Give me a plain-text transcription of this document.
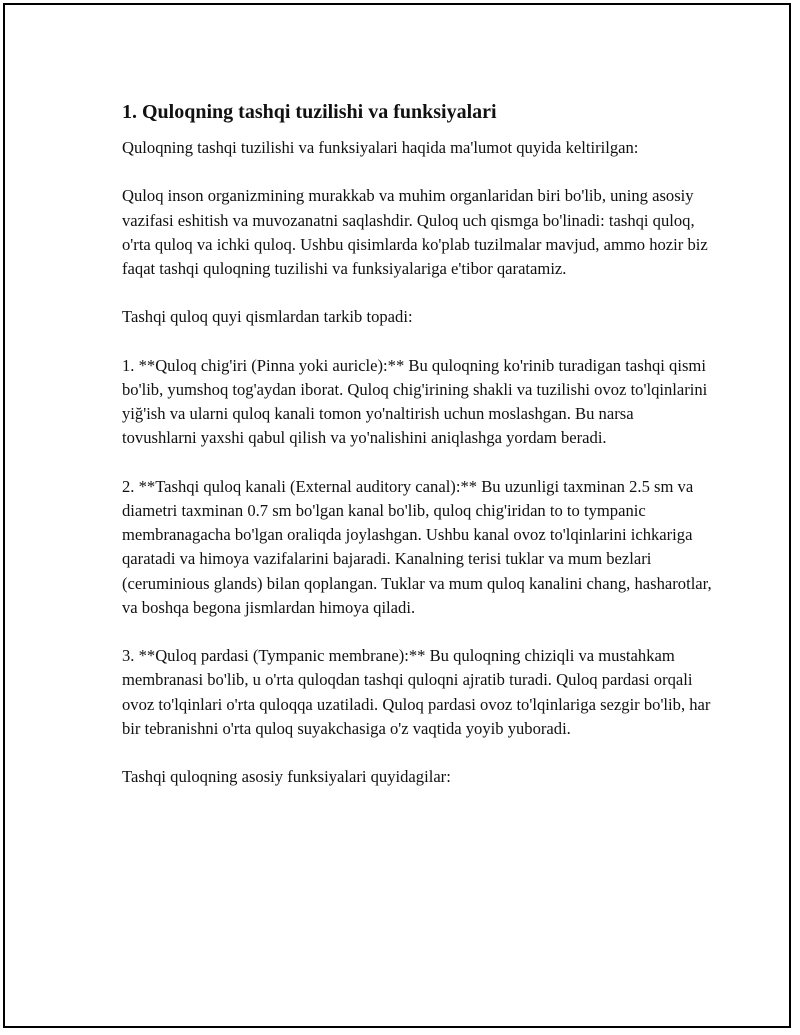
1. Quloqning tashqi tuzilishi va funksiyalari

Quloqning tashqi tuzilishi va funksiyalari haqida ma'lumot quyida keltirilgan:

Quloq inson organizmining murakkab va muhim organlaridan biri bo'lib, uning asosiy vazifasi eshitish va muvozanatni saqlashdir. Quloq uch qismga bo'linadi: tashqi quloq, o'rta quloq va ichki quloq. Ushbu qisimlarda ko'plab tuzilmalar mavjud, ammo hozir biz faqat tashqi quloqning tuzilishi va funksiyalariga e'tibor qaratamiz.

Tashqi quloq quyi qismlardan tarkib topadi:

1. **Quloq chig'iri (Pinna yoki auricle):** Bu quloqning ko'rinib turadigan tashqi qismi bo'lib, yumshoq tog'aydan iborat. Quloq chig'irining shakli va tuzilishi ovoz to'lqinlarini yiğ'ish va ularni quloq kanali tomon yo'naltirish uchun moslashgan. Bu narsa tovushlarni yaxshi qabul qilish va yo'nalishini aniqlashga yordam beradi.

2. **Tashqi quloq kanali (External auditory canal):** Bu uzunligi taxminan 2.5 sm va diametri taxminan 0.7 sm bo'lgan kanal bo'lib, quloq chig'iridan to to tympanic membranagacha bo'lgan oraliqda joylashgan. Ushbu kanal ovoz to'lqinlarini ichkariga qaratadi va himoya vazifalarini bajaradi. Kanalning terisi tuklar va mum bezlari (ceruminious glands) bilan qoplangan. Tuklar va mum quloq kanalini chang, hasharotlar, va boshqa begona jismlardan himoya qiladi.

3. **Quloq pardasi (Tympanic membrane):** Bu quloqning chiziqli va mustahkam membranasi bo'lib, u o'rta quloqdan tashqi quloqni ajratib turadi. Quloq pardasi orqali ovoz to'lqinlari o'rta quloqqa uzatiladi. Quloq pardasi ovoz to'lqinlariga sezgir bo'lib, har bir tebranishni o'rta quloq suyakchasiga o'z vaqtida yoyib yuboradi.

Tashqi quloqning asosiy funksiyalari quyidagilar:
